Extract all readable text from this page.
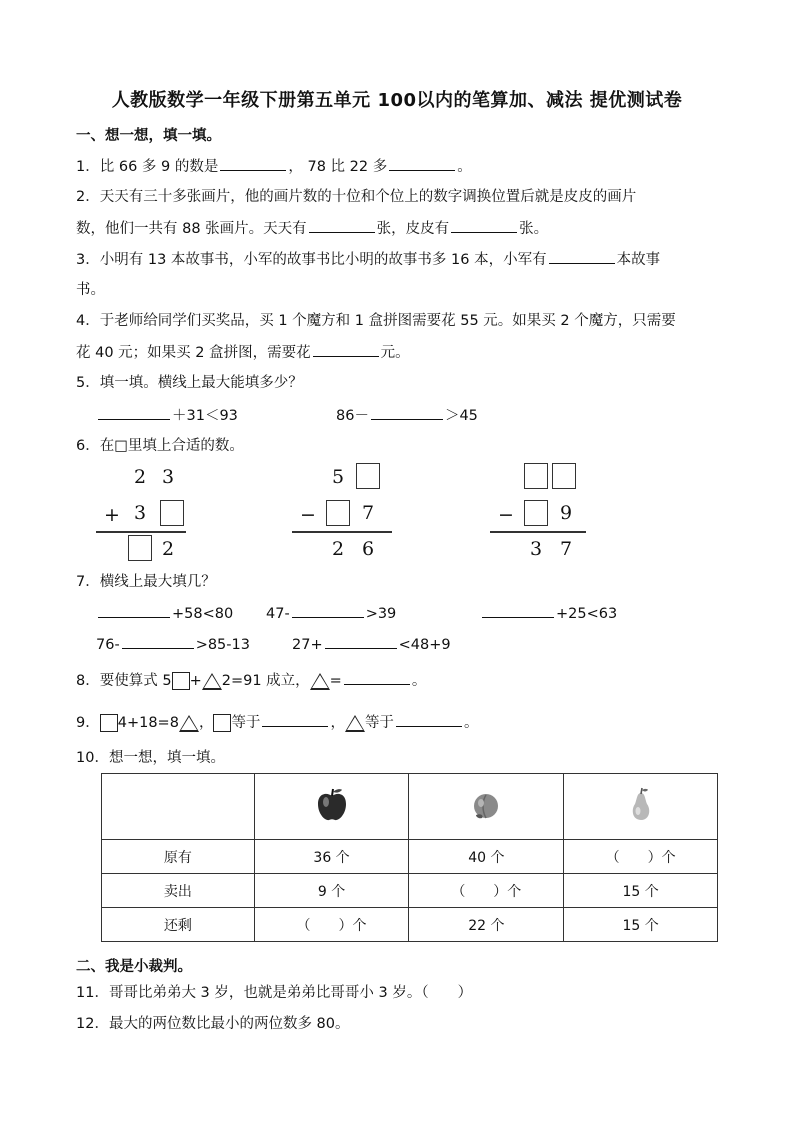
人教版数学一年级下册第五单元 100以内的笔算加、减法 提优测试卷
一、想一想，填一填。
1．比 66 多 9 的数是	， 78 比 22 多	。
2．天天有三十多张画片，他的画片数的十位和个位上的数字调换位置后就是皮皮的画片
数，他们一共有 88 张画片。天天有	张，皮皮有	张。
3．小明有 13 本故事书，小军的故事书比小明的故事书多 16 本，小军有	本故事
书。
4．于老师给同学们买奖品，买 1 个魔方和 1 盒拼图需要花 55 元。如果买 2 个魔方，只需要
花 40 元；如果买 2 盒拼图，需要花	元。
5．填一填。横线上最大能填多少？
＋31＜93	86－	＞45
6．在□里填上合适的数。
2 3
+ 3
2
5
− 7
2 6
− 9
3 7
7．横线上最大填几？
+58<80 47-	>39	+25<63
76-	>85-13	27+	<48+9
8．要使算式 5 + 2=91 成立， =	。
9． 4+18=8 ， 等于	， 等于	。
10．想一想，填一填。

原有	36 个	40 个	（　　）个
卖出	9 个	（　　）个	15 个
还剩	（　　）个	22 个	15 个
二、我是小裁判。
11．哥哥比弟弟大 3 岁，也就是弟弟比哥哥小 3 岁。（　　）
12．最大的两位数比最小的两位数多 80。
